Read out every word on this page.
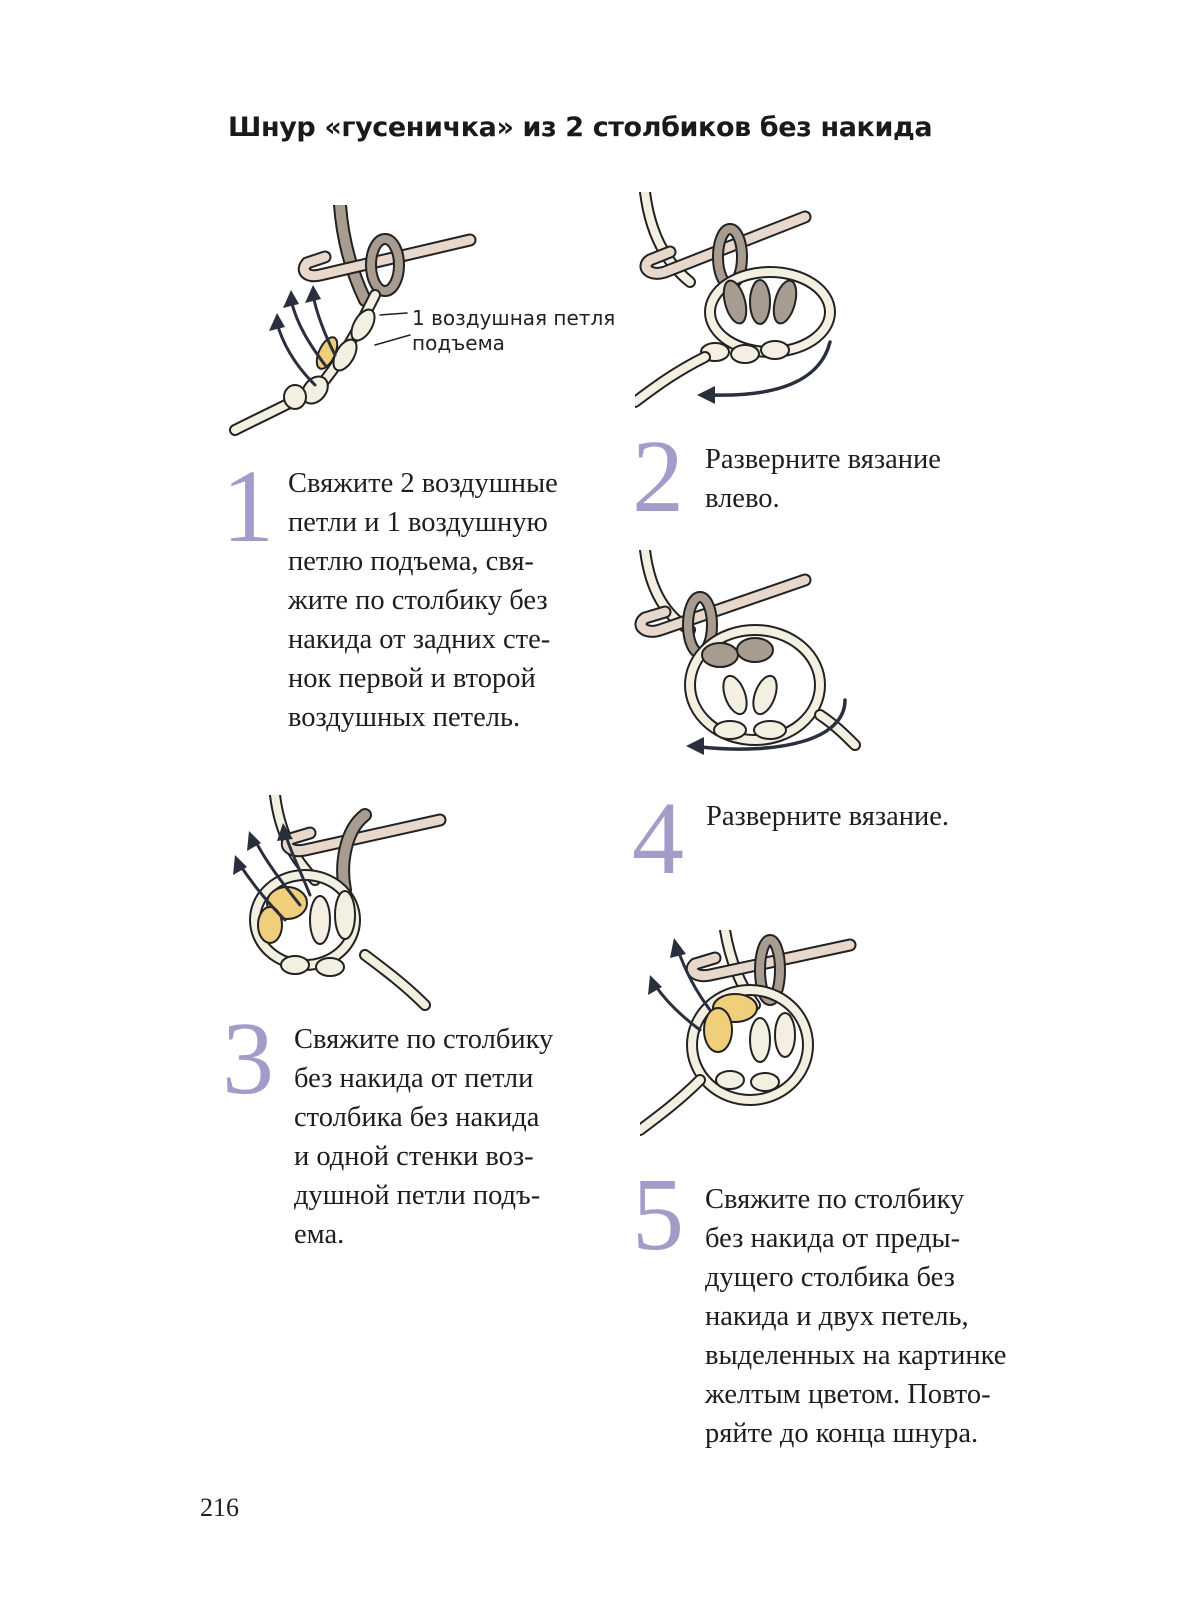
Шнур «гусеничка» из 2 столбиков без накида
1 воздушная петля
подъема
1 Свяжите 2 воздушные
петли и 1 воздушную
петлю подъема, свя-
жите по столбику без
накида от задних сте-
нок первой и второй
воздушных петель.
2 Разверните вязание
влево.
3 Свяжите по столбику
без накида от петли
столбика без накида
и одной стенки воз-
душной петли подъ-
ема.
4 Разверните вязание.
5 Свяжите по столбику
без накида от преды-
дущего столбика без
накида и двух петель,
выделенных на картинке
желтым цветом. Повто-
ряйте до конца шнура.
216
